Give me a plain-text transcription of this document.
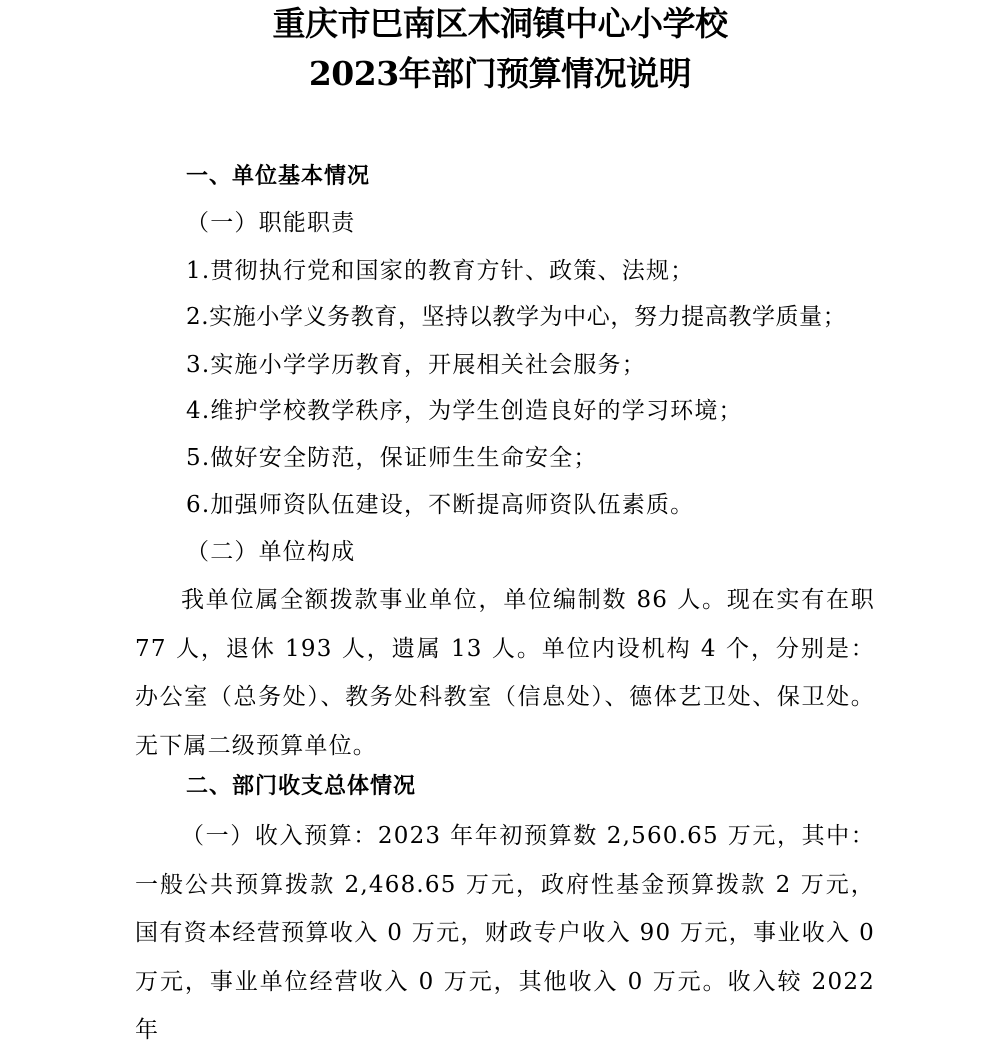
重庆市巴南区木洞镇中心小学校
2023年部门预算情况说明
一、单位基本情况
（一）职能职责
1.贯彻执行党和国家的教育方针、政策、法规；
2.实施小学义务教育，坚持以教学为中心，努力提高教学质量；
3.实施小学学历教育，开展相关社会服务；
4.维护学校教学秩序，为学生创造良好的学习环境；
5.做好安全防范，保证师生生命安全；
6.加强师资队伍建设，不断提高师资队伍素质。
（二）单位构成
我单位属全额拨款事业单位，单位编制数 86 人。现在实有在职 77 人，退休 193 人，遗属 13 人。单位内设机构 4 个，分别是：办公室（总务处）、教务处科教室（信息处）、德体艺卫处、保卫处。无下属二级预算单位。
二、部门收支总体情况
（一）收入预算：2023 年年初预算数 2,560.65 万元，其中：一般公共预算拨款 2,468.65 万元，政府性基金预算拨款 2 万元，国有资本经营预算收入 0 万元，财政专户收入 90 万元，事业收入 0 万元，事业单位经营收入 0 万元，其他收入 0 万元。收入较 2022 年
